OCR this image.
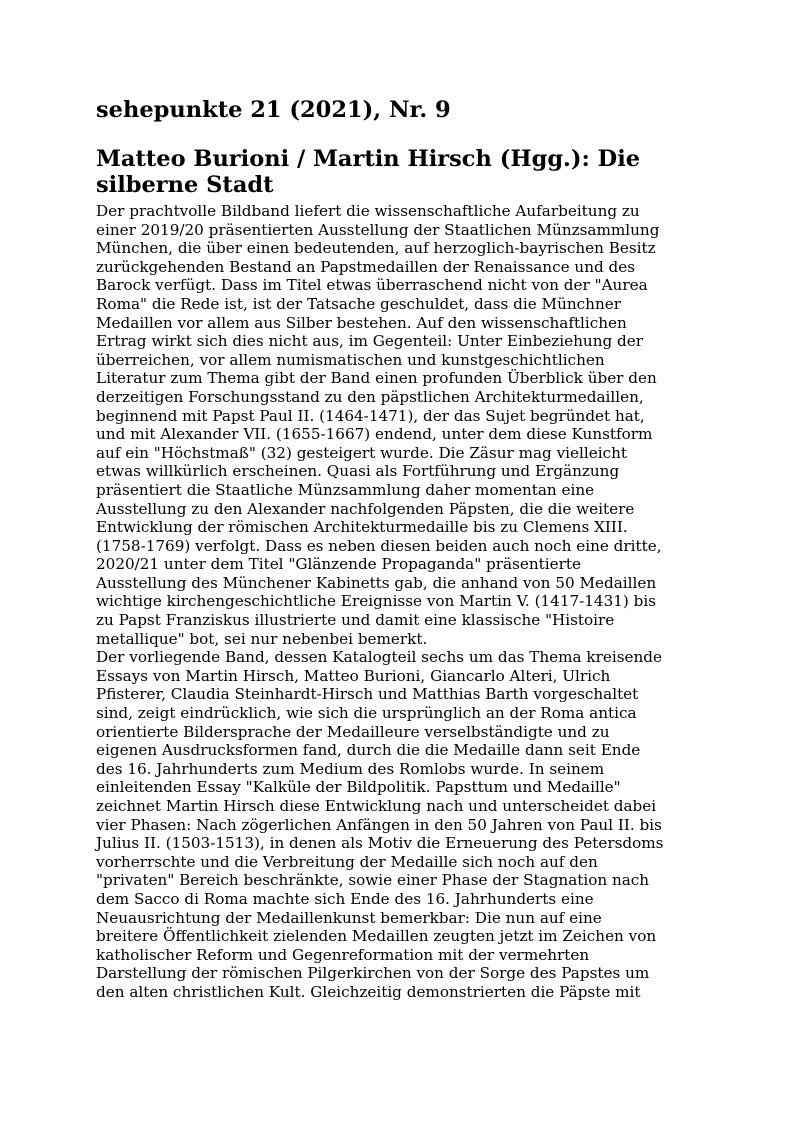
sehepunkte 21 (2021), Nr. 9
Matteo Burioni / Martin Hirsch (Hgg.): Die
silberne Stadt
Der prachtvolle Bildband liefert die wissenschaftliche Aufarbeitung zu
einer 2019/20 präsentierten Ausstellung der Staatlichen Münzsammlung
München, die über einen bedeutenden, auf herzoglich-bayrischen Besitz
zurückgehenden Bestand an Papstmedaillen der Renaissance und des
Barock verfügt. Dass im Titel etwas überraschend nicht von der "Aurea
Roma" die Rede ist, ist der Tatsache geschuldet, dass die Münchner
Medaillen vor allem aus Silber bestehen. Auf den wissenschaftlichen
Ertrag wirkt sich dies nicht aus, im Gegenteil: Unter Einbeziehung der
überreichen, vor allem numismatischen und kunstgeschichtlichen
Literatur zum Thema gibt der Band einen profunden Überblick über den
derzeitigen Forschungsstand zu den päpstlichen Architekturmedaillen,
beginnend mit Papst Paul II. (1464-1471), der das Sujet begründet hat,
und mit Alexander VII. (1655-1667) endend, unter dem diese Kunstform
auf ein "Höchstmaß" (32) gesteigert wurde. Die Zäsur mag vielleicht
etwas willkürlich erscheinen. Quasi als Fortführung und Ergänzung
präsentiert die Staatliche Münzsammlung daher momentan eine
Ausstellung zu den Alexander nachfolgenden Päpsten, die die weitere
Entwicklung der römischen Architekturmedaille bis zu Clemens XIII.
(1758-1769) verfolgt. Dass es neben diesen beiden auch noch eine dritte,
2020/21 unter dem Titel "Glänzende Propaganda" präsentierte
Ausstellung des Münchener Kabinetts gab, die anhand von 50 Medaillen
wichtige kirchengeschichtliche Ereignisse von Martin V. (1417-1431) bis
zu Papst Franziskus illustrierte und damit eine klassische "Histoire
metallique" bot, sei nur nebenbei bemerkt.
Der vorliegende Band, dessen Katalogteil sechs um das Thema kreisende
Essays von Martin Hirsch, Matteo Burioni, Giancarlo Alteri, Ulrich
Pfisterer, Claudia Steinhardt-Hirsch und Matthias Barth vorgeschaltet
sind, zeigt eindrücklich, wie sich die ursprünglich an der Roma antica
orientierte Bildersprache der Medailleure verselbständigte und zu
eigenen Ausdrucksformen fand, durch die die Medaille dann seit Ende
des 16. Jahrhunderts zum Medium des Romlobs wurde. In seinem
einleitenden Essay "Kalküle der Bildpolitik. Papsttum und Medaille"
zeichnet Martin Hirsch diese Entwicklung nach und unterscheidet dabei
vier Phasen: Nach zögerlichen Anfängen in den 50 Jahren von Paul II. bis
Julius II. (1503-1513), in denen als Motiv die Erneuerung des Petersdoms
vorherrschte und die Verbreitung der Medaille sich noch auf den
"privaten" Bereich beschränkte, sowie einer Phase der Stagnation nach
dem Sacco di Roma machte sich Ende des 16. Jahrhunderts eine
Neuausrichtung der Medaillenkunst bemerkbar: Die nun auf eine
breitere Öffentlichkeit zielenden Medaillen zeugten jetzt im Zeichen von
katholischer Reform und Gegenreformation mit der vermehrten
Darstellung der römischen Pilgerkirchen von der Sorge des Papstes um
den alten christlichen Kult. Gleichzeitig demonstrierten die Päpste mit
